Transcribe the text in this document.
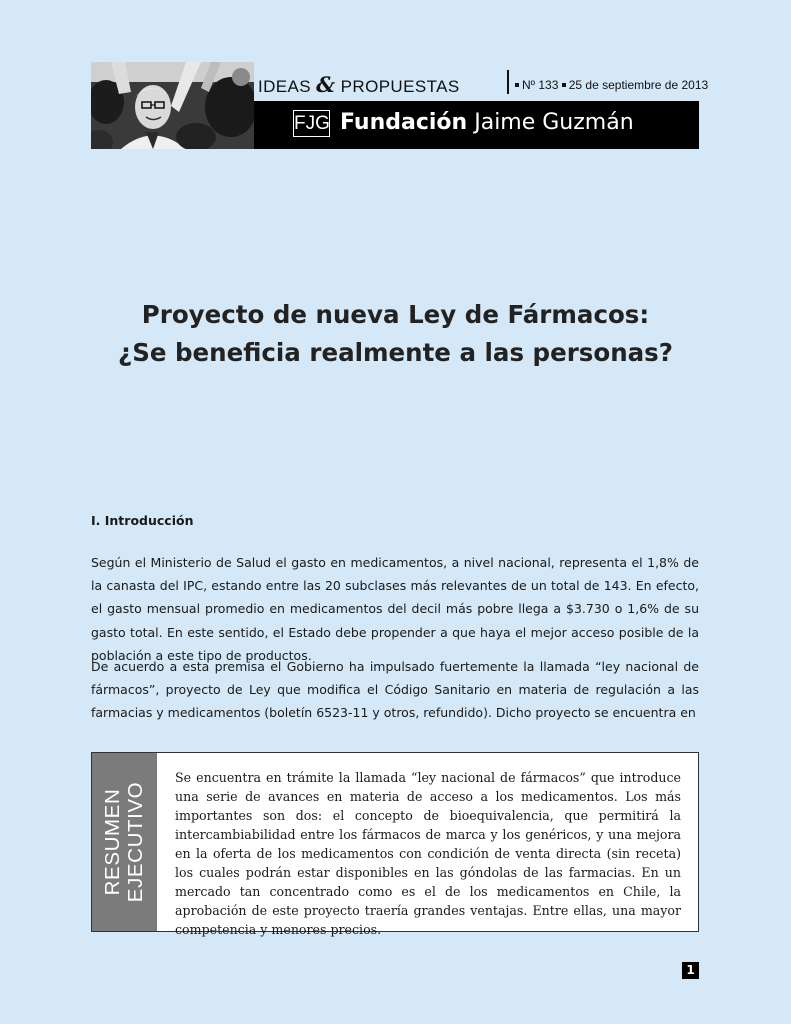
IDEAS & PROPUESTAS	Nº 133 25 de septiembre de 2013
FJG Fundación Jaime Guzmán
Proyecto de nueva Ley de Fármacos:
¿Se beneficia realmente a las personas?
I. Introducción
Según el Ministerio de Salud el gasto en medicamentos, a nivel nacional, representa el 1,8% de la canasta del IPC, estando entre las 20 subclases más relevantes de un total de 143. En efecto, el gasto mensual promedio en medicamentos del decil más pobre llega a $3.730 o 1,6% de su gasto total. En este sentido, el Estado debe propender a que haya el mejor acceso posible de la población a este tipo de productos.
De acuerdo a esta premisa el Gobierno ha impulsado fuertemente la llamada “ley nacional de fármacos”, proyecto de Ley que modifica el Código Sanitario en materia de regulación a las farmacias y medicamentos (boletín 6523-11 y otros, refundido). Dicho proyecto se encuentra en
RESUMEN EJECUTIVO
Se encuentra en trámite la llamada “ley nacional de fármacos” que introduce una serie de avances en materia de acceso a los medicamentos. Los más importantes son dos: el concepto de bioequivalencia, que permitirá la intercambiabilidad entre los fármacos de marca y los genéricos, y una mejora en la oferta de los medicamentos con condición de venta directa (sin receta) los cuales podrán estar disponibles en las góndolas de las farmacias. En un mercado tan concentrado como es el de los medicamentos en Chile, la aprobación de este proyecto traería grandes ventajas. Entre ellas, una mayor competencia y menores precios.
1
